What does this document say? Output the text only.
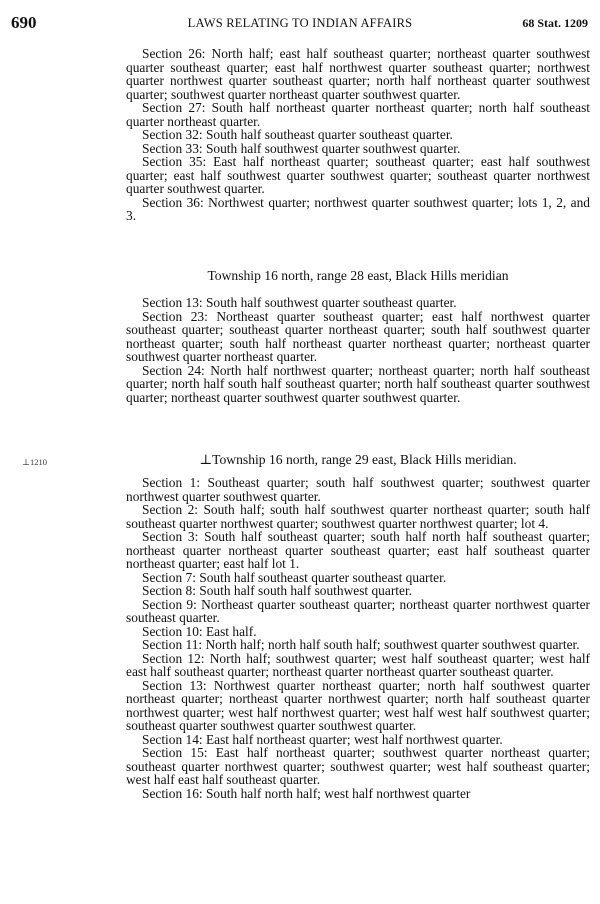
690	LAWS RELATING TO INDIAN AFFAIRS	68 Stat. 1209

Section 26: North half; east half southeast quarter; northeast quarter southwest quarter southeast quarter; east half northwest quarter southeast quarter; northwest quarter northwest quarter southeast quarter; north half northeast quarter southwest quarter; southwest quarter northeast quarter southwest quarter.

Section 27: South half northeast quarter northeast quarter; north half southeast quarter northeast quarter.

Section 32: South half southeast quarter southeast quarter.

Section 33: South half southwest quarter southwest quarter.

Section 35: East half northeast quarter; southeast quarter; east half southwest quarter; east half southwest quarter southwest quarter; southeast quarter northwest quarter southwest quarter.

Section 36: Northwest quarter; northwest quarter southwest quarter; lots 1, 2, and 3.

Township 16 north, range 28 east, Black Hills meridian

Section 13: South half southwest quarter southeast quarter.

Section 23: Northeast quarter southeast quarter; east half northwest quarter southeast quarter; southeast quarter northeast quarter; south half southwest quarter northeast quarter; south half northeast quarter northeast quarter; northeast quarter southwest quarter northeast quarter.

Section 24: North half northwest quarter; northeast quarter; north half southeast quarter; north half south half southeast quarter; north half southeast quarter southwest quarter; northeast quarter southwest quarter southwest quarter.

⊥1210	⊥Township 16 north, range 29 east, Black Hills meridian.

Section 1: Southeast quarter; south half southwest quarter; southwest quarter northwest quarter southwest quarter.

Section 2: South half; south half southwest quarter northeast quarter; south half southeast quarter northwest quarter; southwest quarter northwest quarter; lot 4.

Section 3: South half southeast quarter; south half north half southeast quarter; northeast quarter northeast quarter southeast quarter; east half southeast quarter northeast quarter; east half lot 1.

Section 7: South half southeast quarter southeast quarter.

Section 8: South half south half southwest quarter.

Section 9: Northeast quarter southeast quarter; northeast quarter northwest quarter southeast quarter.

Section 10: East half.

Section 11: North half; north half south half; southwest quarter southwest quarter.

Section 12: North half; southwest quarter; west half southeast quarter; west half east half southeast quarter; northeast quarter northeast quarter southeast quarter.

Section 13: Northwest quarter northeast quarter; north half southwest quarter northeast quarter; northeast quarter northwest quarter; north half southeast quarter northwest quarter; west half northwest quarter; west half west half southwest quarter; southeast quarter southwest quarter southwest quarter.

Section 14: East half northeast quarter; west half northwest quarter.

Section 15: East half northeast quarter; southwest quarter northeast quarter; southeast quarter northwest quarter; southwest quarter; west half southeast quarter; west half east half southeast quarter.

Section 16: South half north half; west half northwest quarter
